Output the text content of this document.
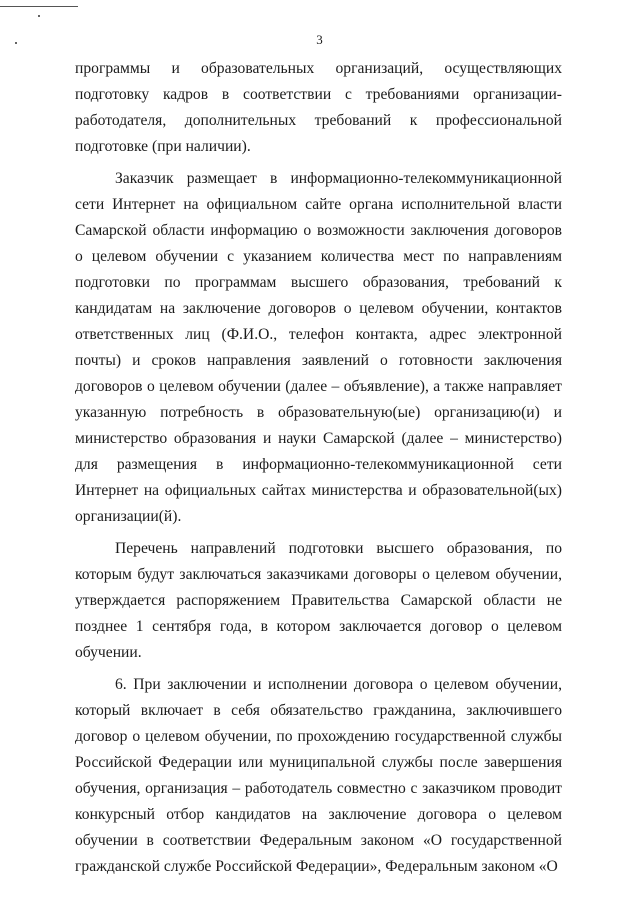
3

программы и образовательных организаций, осуществляющих подготовку кадров в соответствии с требованиями организации-работодателя, дополнительных требований к профессиональной подготовке (при наличии).

Заказчик размещает в информационно-телекоммуникационной сети Интернет на официальном сайте органа исполнительной власти Самарской области информацию о возможности заключения договоров о целевом обучении с указанием количества мест по направлениям подготовки по программам высшего образования, требований к кандидатам на заключение договоров о целевом обучении, контактов ответственных лиц (Ф.И.О., телефон контакта, адрес электронной почты) и сроков направления заявлений о готовности заключения договоров о целевом обучении (далее – объявление), а также направляет указанную потребность в образовательную(ые) организацию(и) и министерство образования и науки Самарской (далее – министерство) для размещения в информационно-телекоммуникационной сети Интернет на официальных сайтах министерства и образовательной(ых) организации(й).

Перечень направлений подготовки высшего образования, по которым будут заключаться заказчиками договоры о целевом обучении, утверждается распоряжением Правительства Самарской области не позднее 1 сентября года, в котором заключается договор о целевом обучении.

6. При заключении и исполнении договора о целевом обучении, который включает в себя обязательство гражданина, заключившего договор о целевом обучении, по прохождению государственной службы Российской Федерации или муниципальной службы после завершения обучения, организация – работодатель совместно с заказчиком проводит конкурсный отбор кандидатов на заключение договора о целевом обучении в соответствии Федеральным законом «О государственной гражданской службе Российской Федерации», Федеральным законом «О
